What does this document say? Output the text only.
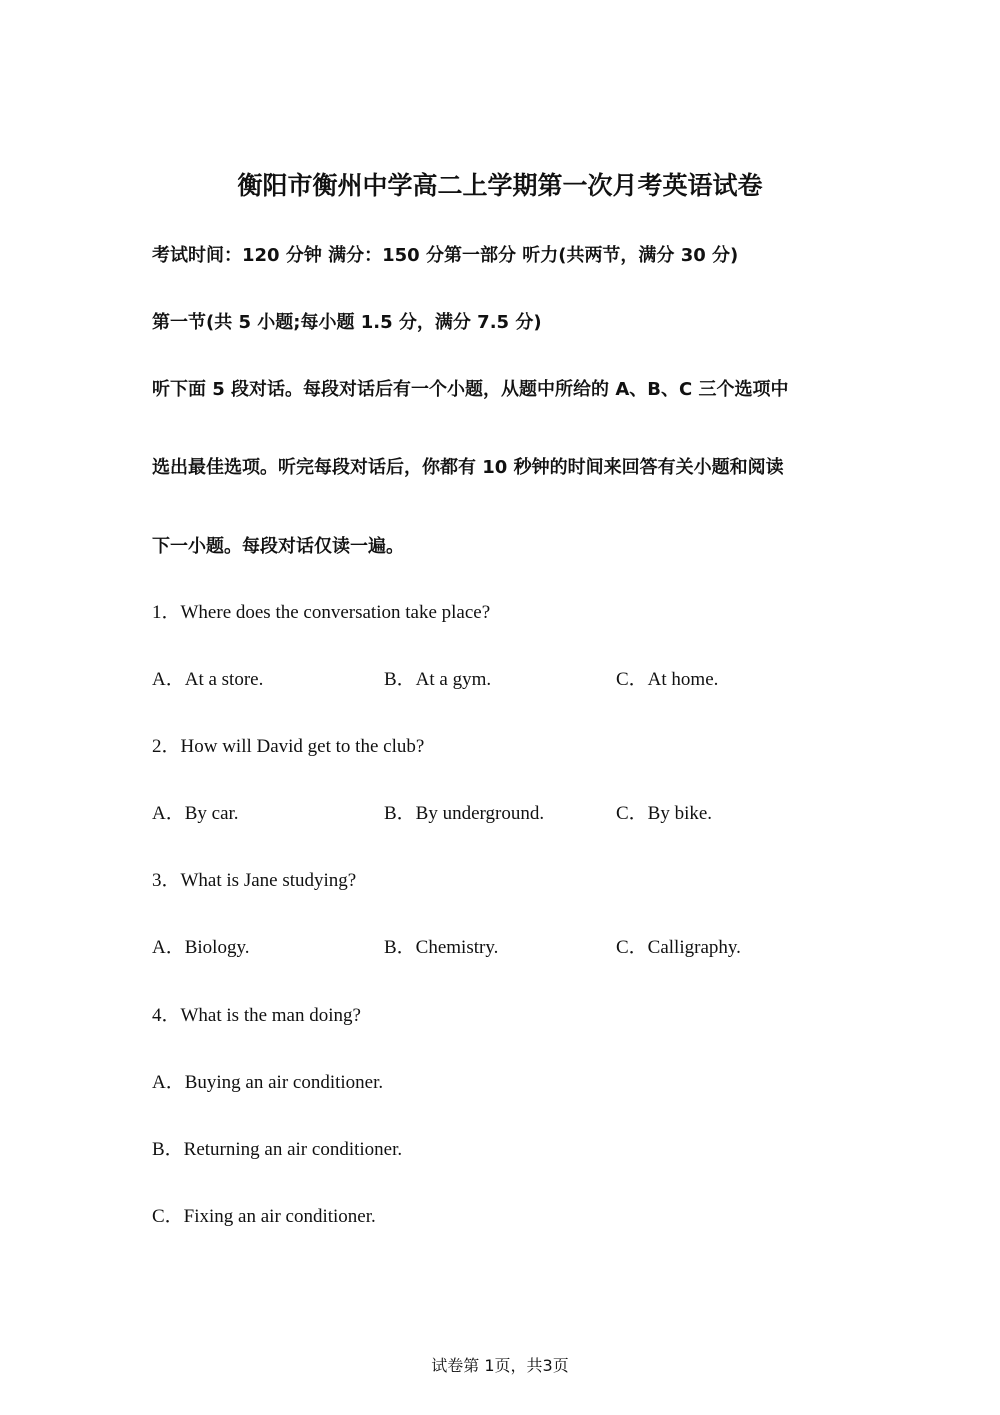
衡阳市衡州中学高二上学期第一次月考英语试卷
考试时间：120 分钟 满分：150 分第一部分 听力(共两节，满分 30 分)
第一节(共 5 小题;每小题 1.5 分，满分 7.5 分)
听下面 5 段对话。每段对话后有一个小题，从题中所给的 A、B、C 三个选项中
选出最佳选项。听完每段对话后，你都有 10 秒钟的时间来回答有关小题和阅读
下一小题。每段对话仅读一遍。
1．Where does the conversation take place?
A．At a store.	B．At a gym.	C．At home.
2．How will David get to the club?
A．By car.	B．By underground.	C．By bike.
3．What is Jane studying?
A．Biology.	B．Chemistry.	C．Calligraphy.
4．What is the man doing?
A．Buying an air conditioner.
B．Returning an air conditioner.
C．Fixing an air conditioner.
试卷第 1页，共3页
